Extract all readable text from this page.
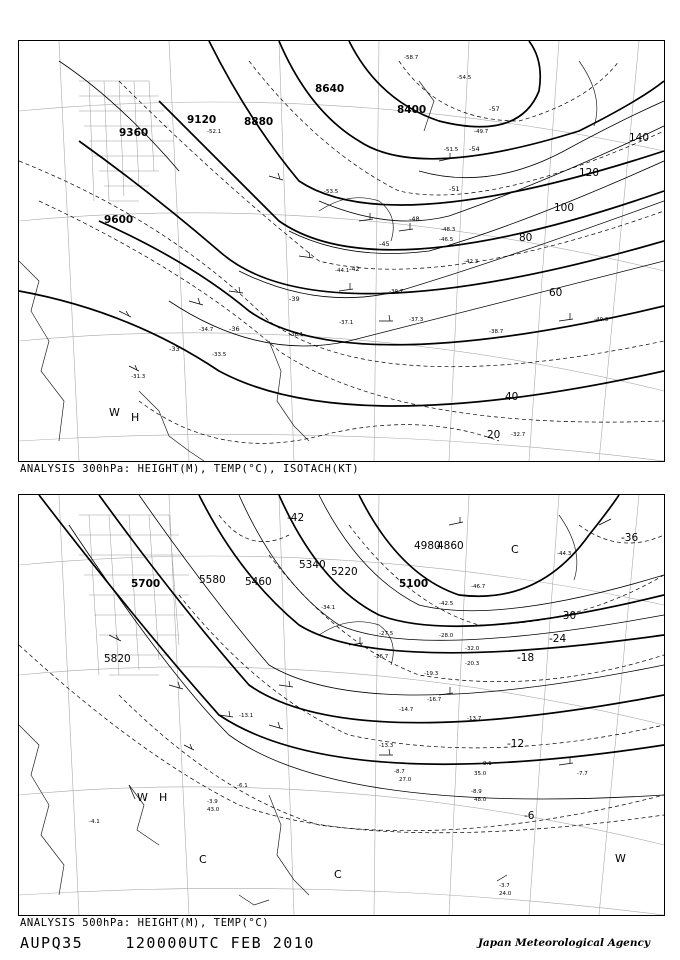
9600
9360
9120	8880
8640
8400
20
40
60
80
100
120
140
-33
-36
-39
-42
-45
-48
-51
-54
-57
-31.3
-33.5
-34.7
-36.1
-37.1	-37.3
-38.7
-39.7
-40.3
-42.3
-44.1
-46.5
-48.3
-51.5
-53.5
-54.5
-58.7
-49.7
-32.7
-52.1
W H
ANALYSIS 300hPa: HEIGHT(M), TEMP(°C), ISOTACH(KT)
5820
5700	5580 5460
5340
5220
5100
4980
4860
-42
-36
-30
-24
-18
-12
-6
-44.3
-46.7
-42.5
-34.1
-27.5
-26.7
-20.3
-19.3
-16.7
-14.7
-13.7
-13.3
-13.1
-9.1
-8.9
-8.7	-7.7
-6.1
-4.1
-3.9
-3.7
-28.0
-32.0
35.0
48.0
24.0
43.0
27.0
W H
C
C
C
W
ANALYSIS 500hPa: HEIGHT(M), TEMP(°C)
AUPQ35	120000UTC FEB 2010	Japan Meteorological Agency
